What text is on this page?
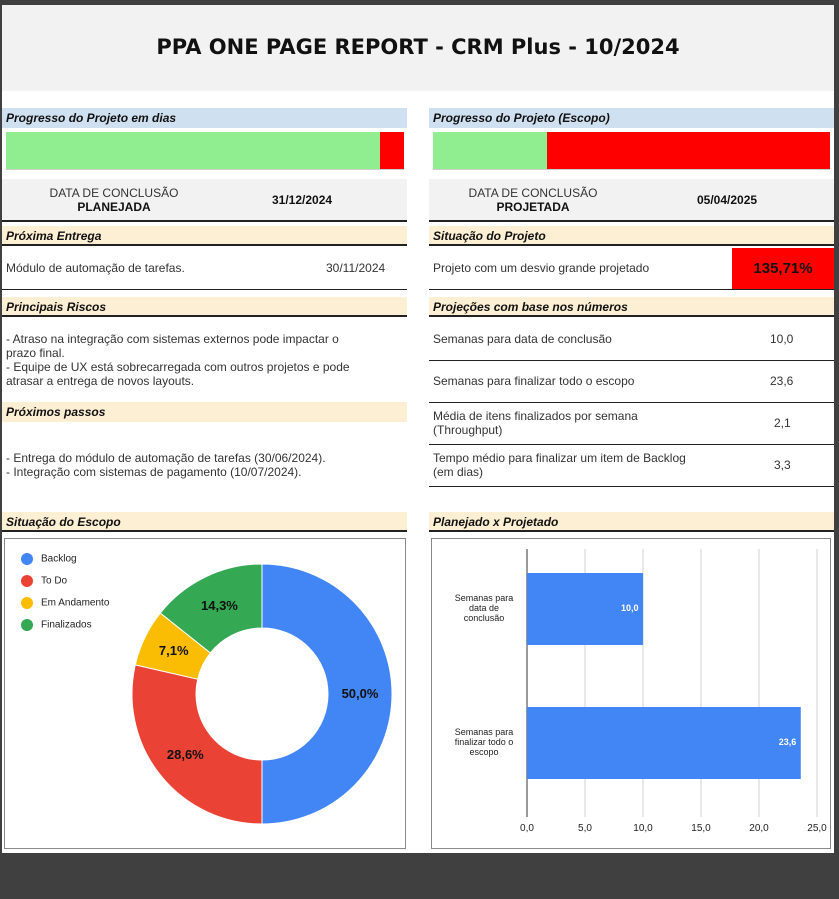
PPA ONE PAGE REPORT - CRM Plus - 10/2024
Progresso do Projeto em dias	Progresso do Projeto (Escopo)
DATA DE CONCLUSÃO
PLANEJADA	31/12/2024	DATA DE CONCLUSÃO
PROJETADA	05/04/2025
Próxima Entrega	Situação do Projeto
Módulo de automação de tarefas.	30/11/2024	Projeto com um desvio grande projetado	135,71%
Principais Riscos
- Atraso na integração com sistemas externos pode impactar o
prazo final.
- Equipe de UX está sobrecarregada com outros projetos e pode
atrasar a entrega de novos layouts.
Projeções com base nos números
Semanas para data de conclusão	10,0
Semanas para finalizar todo o escopo	23,6
Média de itens finalizados por semana
(Throughput)	2,1
Tempo médio para finalizar um item de Backlog
(em dias)	3,3
Próximos passos
- Entrega do módulo de automação de tarefas (30/06/2024).
- Integração com sistemas de pagamento (10/07/2024).
Situação do Escopo	Planejado x Projetado
Backlog
To Do
Em Andamento
Finalizados
50,0%
28,6%
7,1%
14,3%
0,0	5,0	10,0	15,0	20,0	25,0
10,0
Semanas para
data de
conclusão
23,6
Semanas para
finalizar todo o
escopo
